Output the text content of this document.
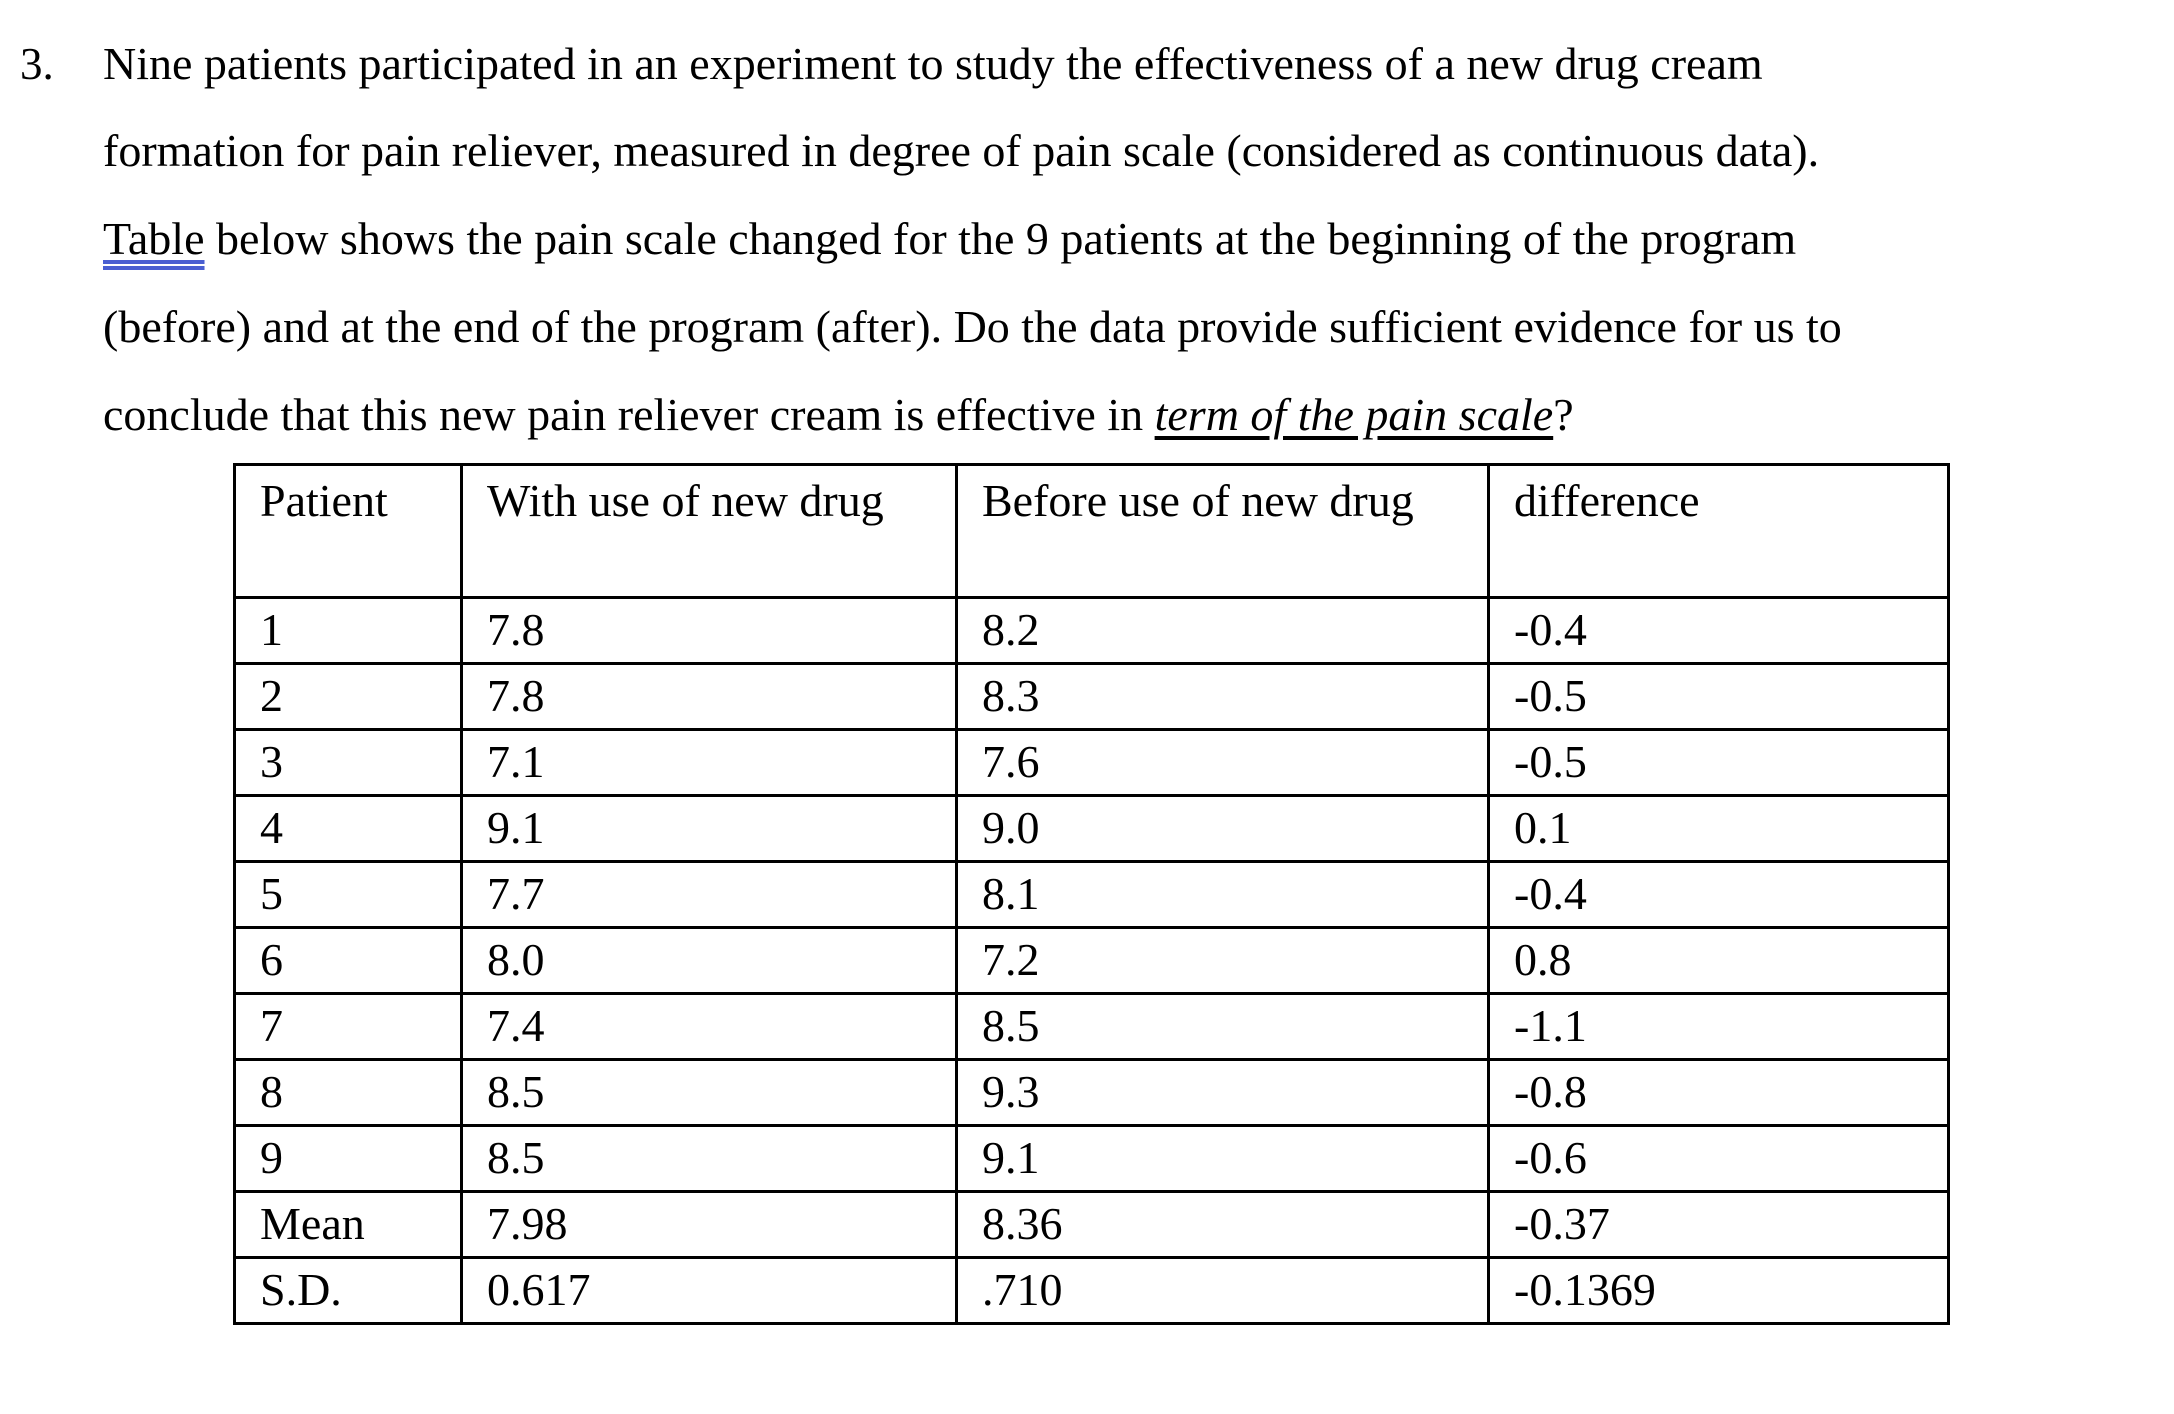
3. Nine patients participated in an experiment to study the effectiveness of a new drug cream
formation for pain reliever, measured in degree of pain scale (considered as continuous data).
Table below shows the pain scale changed for the 9 patients at the beginning of the program
(before) and at the end of the program (after). Do the data provide sufficient evidence for us to
conclude that this new pain reliever cream is effective in term of the pain scale?
Patient	With use of new drug	Before use of new drug	difference
1	7.8	8.2	-0.4
2	7.8	8.3	-0.5
3	7.1	7.6	-0.5
4	9.1	9.0	0.1
5	7.7	8.1	-0.4
6	8.0	7.2	0.8
7	7.4	8.5	-1.1
8	8.5	9.3	-0.8
9	8.5	9.1	-0.6
Mean	7.98	8.36	-0.37
S.D.	0.617	.710	-0.1369
